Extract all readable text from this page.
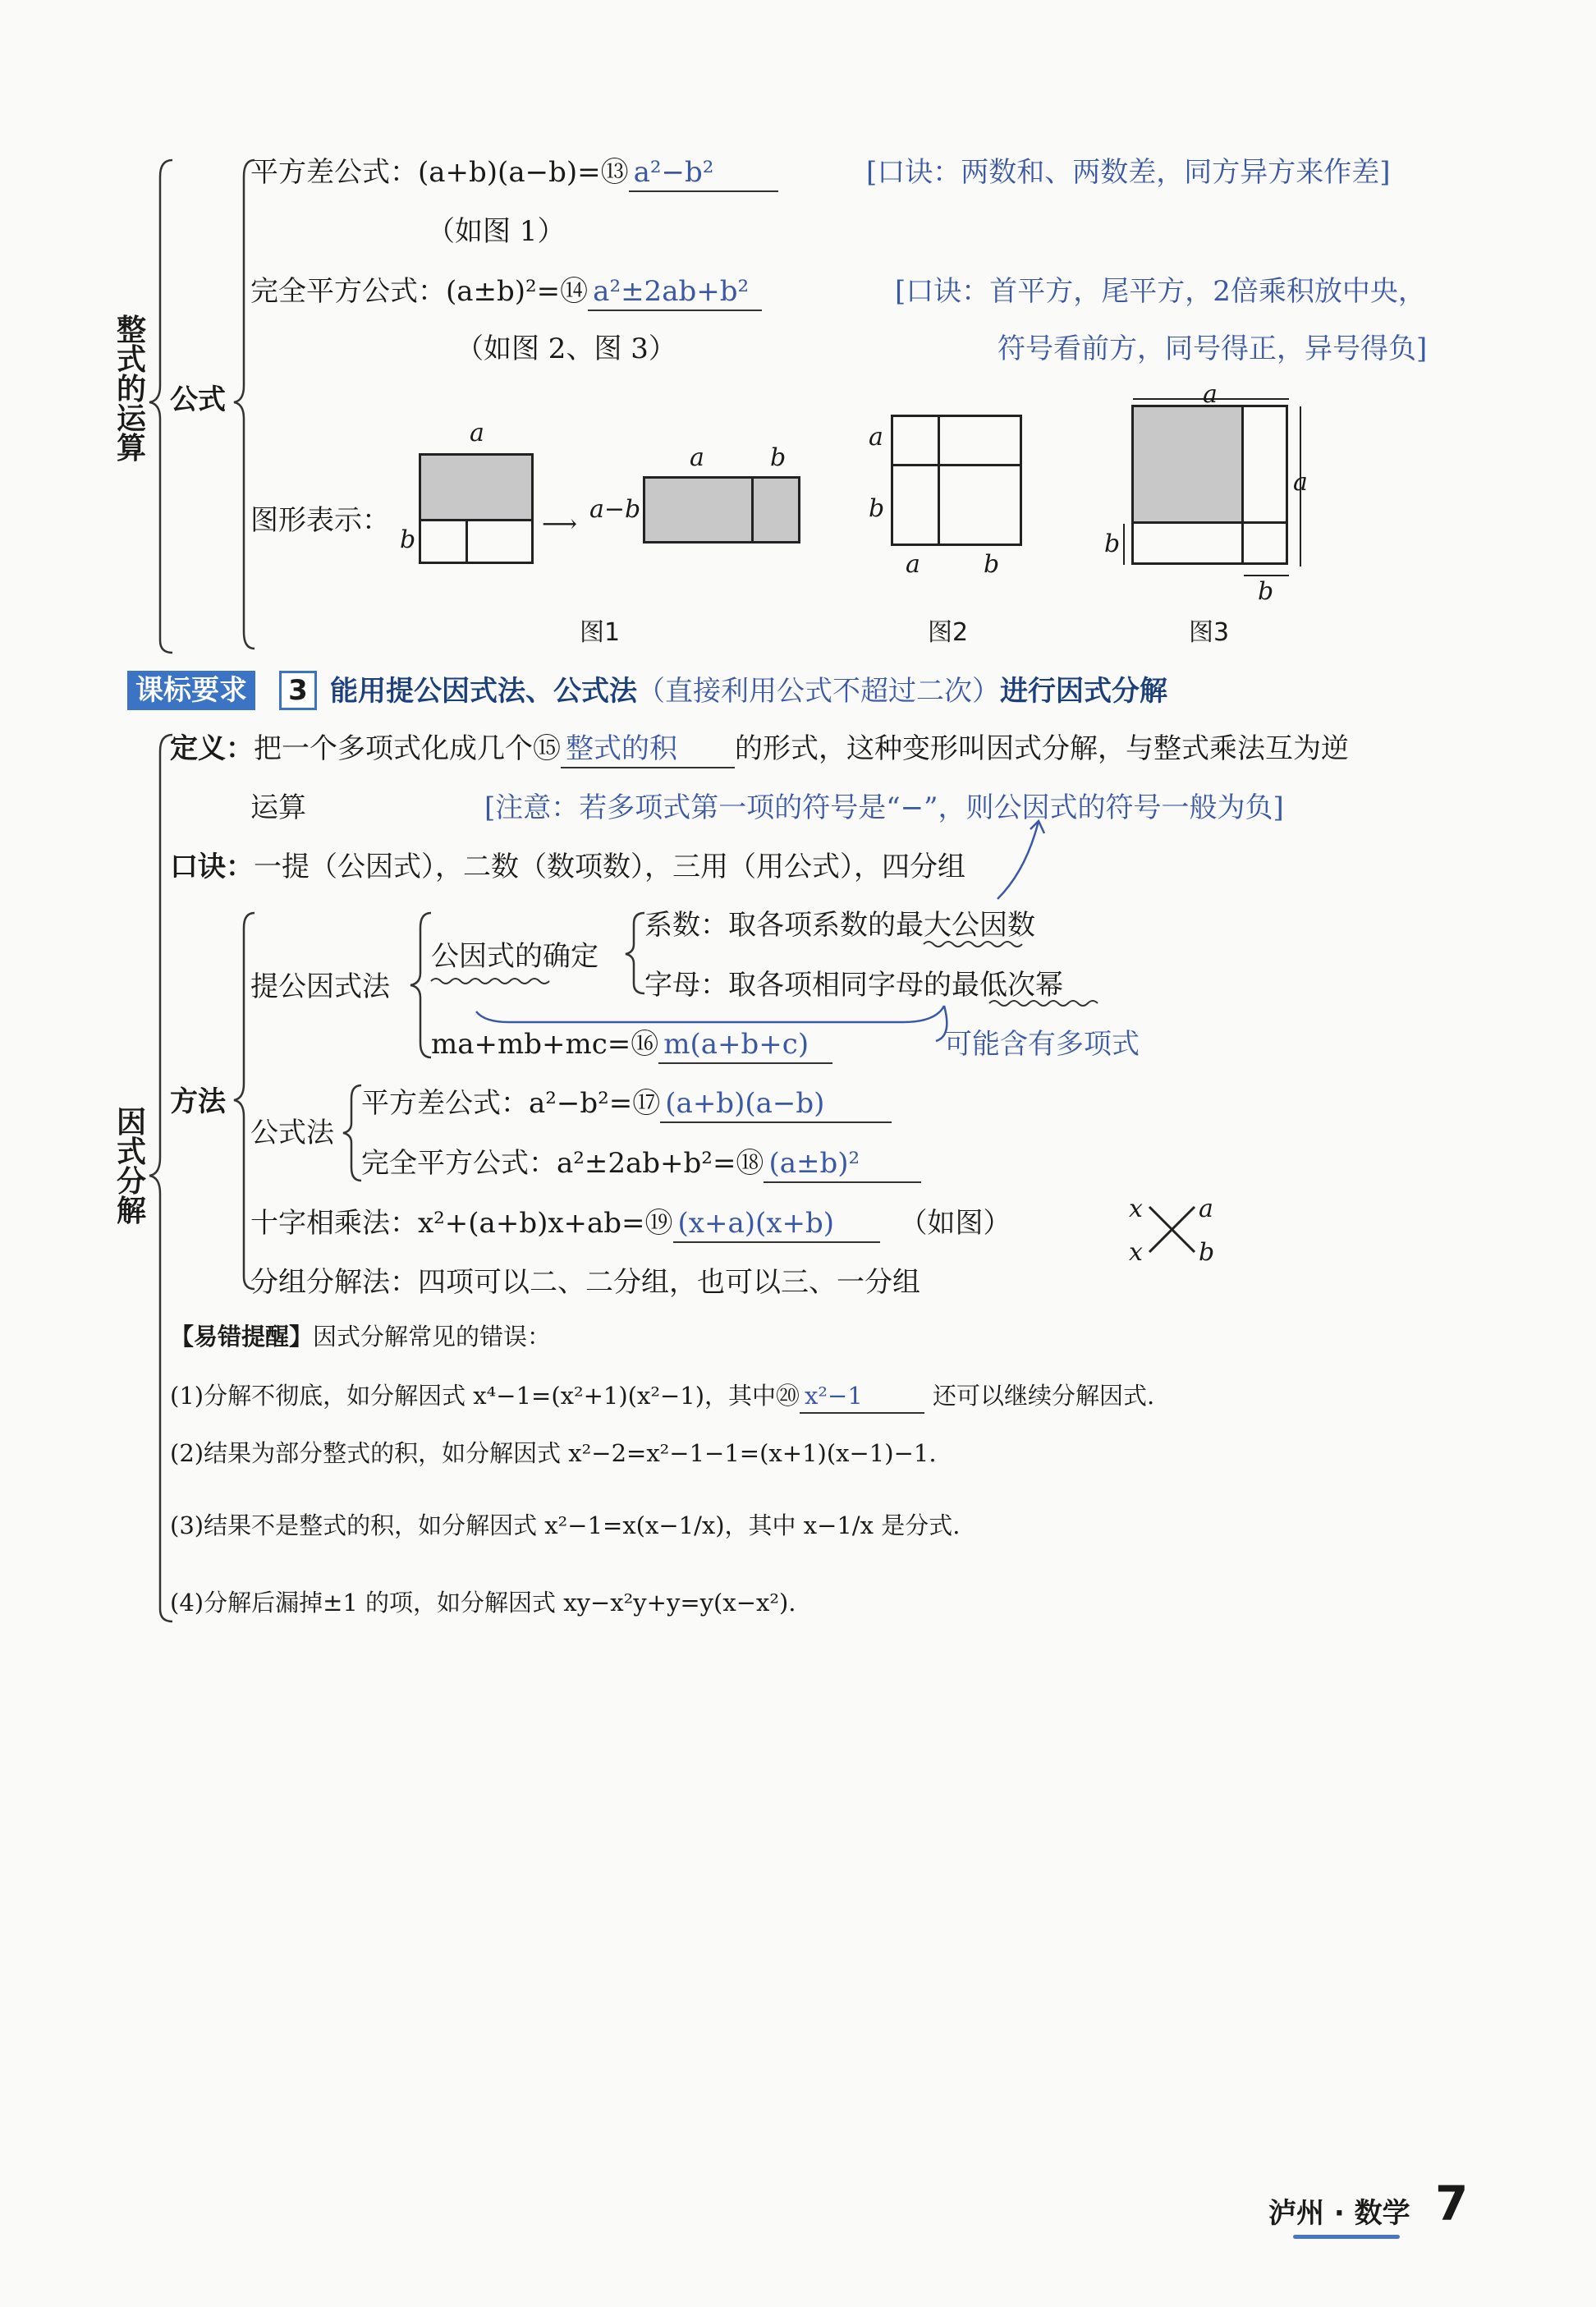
整式的运算
公式
平方差公式：(a+b)(a−b)=⑬ a²−b²	[口诀：两数和、两数差，同方异方来作差]
（如图 1）
完全平方公式：(a±b)²=⑭ a²±2ab+b²	[口诀：首平方，尾平方，2倍乘积放中央，
符号看前方，同号得正，异号得负]
（如图 2、图 3）
图形表示：
a
b
⟶
a−b
a	b
图1
a
b
a	b
图2
a
a
b
b
图3
课标要求	3 能用提公因式法、公式法（直接利用公式不超过二次）进行因式分解
因式分解
定义：把一个多项式化成几个⑮ 整式的积 的形式，这种变形叫因式分解，与整式乘法互为逆
运算	[注意：若多项式第一项的符号是“−”，则公因式的符号一般为负]
口诀：一提（公因式），二数（数项数），三用（用公式），四分组
方法
提公因式法
公因式的确定
系数：取各项系数的最大公因数
字母：取各项相同字母的最低次幂
ma+mb+mc=⑯ m(a+b+c)	可能含有多项式
公式法
平方差公式：a²−b²=⑰ (a+b)(a−b)
完全平方公式：a²±2ab+b²=⑱ (a±b)²
十字相乘法：x²+(a+b)x+ab=⑲ (x+a)(x+b) （如图）	x
x
a
b
分组分解法：四项可以二、二分组，也可以三、一分组
【易错提醒】因式分解常见的错误：
(1)分解不彻底，如分解因式 x⁴−1=(x²+1)(x²−1)，其中⑳ x²−1	还可以继续分解因式.
(2)结果为部分整式的积，如分解因式 x²−2=x²−1−1=(x+1)(x−1)−1.
(3)结果不是整式的积，如分解因式 x²−1=x(x−1/x)，其中 x−1/x 是分式.
(4)分解后漏掉±1 的项，如分解因式 xy−x²y+y=y(x−x²).
泸州 · 数学 7
